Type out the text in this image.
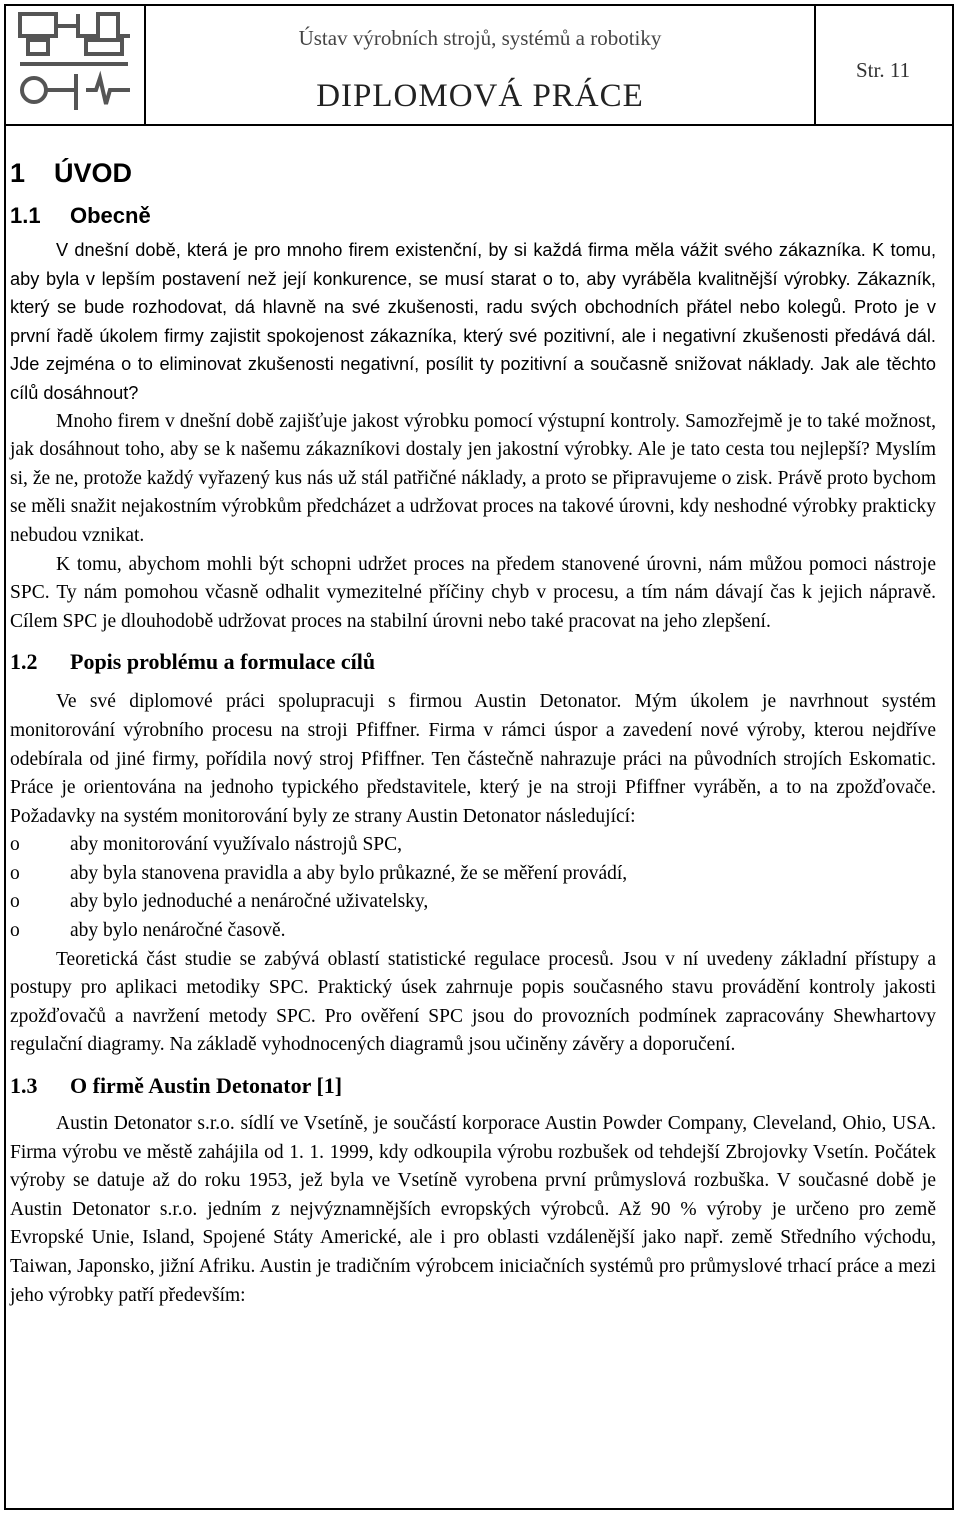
Ústav výrobních strojů, systémů a robotiky
DIPLOMOVÁ PRÁCE
Str. 11
1 ÚVOD
1.1 Obecně

V dnešní době, která je pro mnoho firem existenční, by si každá firma měla vážit svého zákazníka. K tomu, aby byla v lepším postavení než její konkurence, se musí starat o to, aby vyráběla kvalitnější výrobky. Zákazník, který se bude rozhodovat, dá hlavně na své zkušenosti, radu svých obchodních přátel nebo kolegů. Proto je v první řadě úkolem firmy zajistit spokojenost zákazníka, který své pozitivní, ale i negativní zkušenosti předává dál. Jde zejména o to eliminovat zkušenosti negativní, posílit ty pozitivní a současně snižovat náklady. Jak ale těchto cílů dosáhnout?

Mnoho firem v dnešní době zajišťuje jakost výrobku pomocí výstupní kontroly. Samozřejmě je to také možnost, jak dosáhnout toho, aby se k našemu zákazníkovi dostaly jen jakostní výrobky. Ale je tato cesta tou nejlepší? Myslím si, že ne, protože každý vyřazený kus nás už stál patřičné náklady, a proto se připravujeme o zisk. Právě proto bychom se měli snažit nejakostním výrobkům předcházet a udržovat proces na takové úrovni, kdy neshodné výrobky prakticky nebudou vznikat.

K tomu, abychom mohli být schopni udržet proces na předem stanovené úrovni, nám můžou pomoci nástroje SPC. Ty nám pomohou včasně odhalit vymezitelné příčiny chyb v procesu, a tím nám dávají čas k jejich nápravě. Cílem SPC je dlouhodobě udržovat proces na stabilní úrovni nebo také pracovat na jeho zlepšení.

1.2 Popis problému a formulace cílů

Ve své diplomové práci spolupracuji s firmou Austin Detonator. Mým úkolem je navrhnout systém monitorování výrobního procesu na stroji Pfiffner. Firma v rámci úspor a zavedení nové výroby, kterou nejdříve odebírala od jiné firmy, pořídila nový stroj Pfiffner. Ten částečně nahrazuje práci na původních strojích Eskomatic. Práce je orientována na jednoho typického představitele, který je na stroji Pfiffner vyráběn, a to na zpožďovače. Požadavky na systém monitorování byly ze strany Austin Detonator následující:

o	aby monitorování využívalo nástrojů SPC,
o	aby byla stanovena pravidla a aby bylo průkazné, že se měření provádí,
o	aby bylo jednoduché a nenáročné uživatelsky,
o	aby bylo nenáročné časově.

Teoretická část studie se zabývá oblastí statistické regulace procesů. Jsou v ní uvedeny základní přístupy a postupy pro aplikaci metodiky SPC. Praktický úsek zahrnuje popis současného stavu provádění kontroly jakosti zpožďovačů a navržení metody SPC. Pro ověření SPC jsou do provozních podmínek zapracovány Shewhartovy regulační diagramy. Na základě vyhodnocených diagramů jsou učiněny závěry a doporučení.

1.3 O firmě Austin Detonator [1]

Austin Detonator s.r.o. sídlí ve Vsetíně, je součástí korporace Austin Powder Company, Cleveland, Ohio, USA. Firma výrobu ve městě zahájila od 1. 1. 1999, kdy odkoupila výrobu rozbušek od tehdejší Zbrojovky Vsetín. Počátek výroby se datuje až do roku 1953, jež byla ve Vsetíně vyrobena první průmyslová rozbuška. V současné době je Austin Detonator s.r.o. jedním z nejvýznamnějších evropských výrobců. Až 90 % výroby je určeno pro země Evropské Unie, Island, Spojené Státy Americké, ale i pro oblasti vzdálenější jako např. země Středního východu, Taiwan, Japonsko, jižní Afriku. Austin je tradičním výrobcem iniciačních systémů pro průmyslové trhací práce a mezi jeho výrobky patří především:
